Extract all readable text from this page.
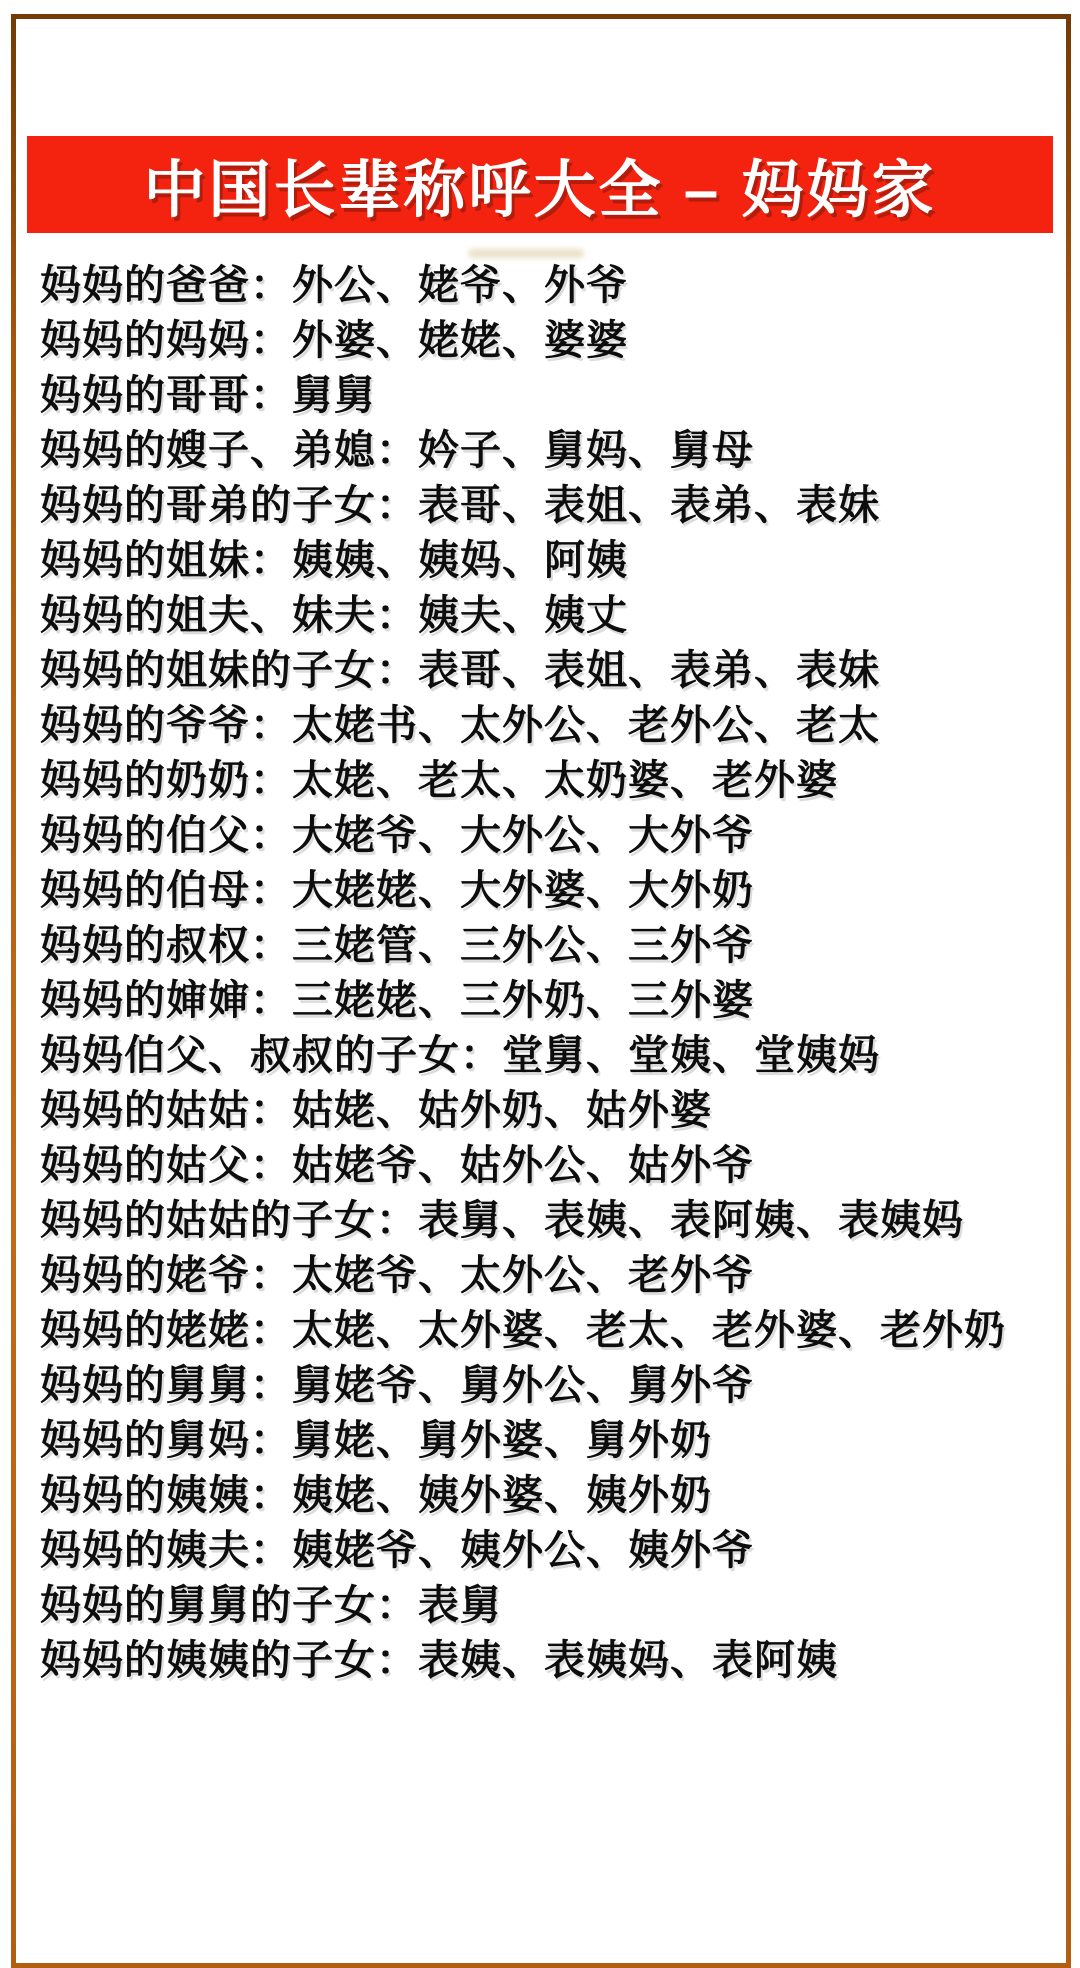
中国长辈称呼大全 – 妈妈家
妈妈的爸爸：外公、姥爷、外爷
妈妈的妈妈：外婆、姥姥、婆婆
妈妈的哥哥：舅舅
妈妈的嫂子、弟媳：妗子、舅妈、舅母
妈妈的哥弟的子女：表哥、表姐、表弟、表妹
妈妈的姐妹：姨姨、姨妈、阿姨
妈妈的姐夫、妹夫：姨夫、姨丈
妈妈的姐妹的子女：表哥、表姐、表弟、表妹
妈妈的爷爷：太姥书、太外公、老外公、老太
妈妈的奶奶：太姥、老太、太奶婆、老外婆
妈妈的伯父：大姥爷、大外公、大外爷
妈妈的伯母：大姥姥、大外婆、大外奶
妈妈的叔权：三姥管、三外公、三外爷
妈妈的婶婶：三姥姥、三外奶、三外婆
妈妈伯父、叔叔的子女：堂舅、堂姨、堂姨妈
妈妈的姑姑：姑姥、姑外奶、姑外婆
妈妈的姑父：姑姥爷、姑外公、姑外爷
妈妈的姑姑的子女：表舅、表姨、表阿姨、表姨妈
妈妈的姥爷：太姥爷、太外公、老外爷
妈妈的姥姥：太姥、太外婆、老太、老外婆、老外奶
妈妈的舅舅：舅姥爷、舅外公、舅外爷
妈妈的舅妈：舅姥、舅外婆、舅外奶
妈妈的姨姨：姨姥、姨外婆、姨外奶
妈妈的姨夫：姨姥爷、姨外公、姨外爷
妈妈的舅舅的子女：表舅
妈妈的姨姨的子女：表姨、表姨妈、表阿姨
